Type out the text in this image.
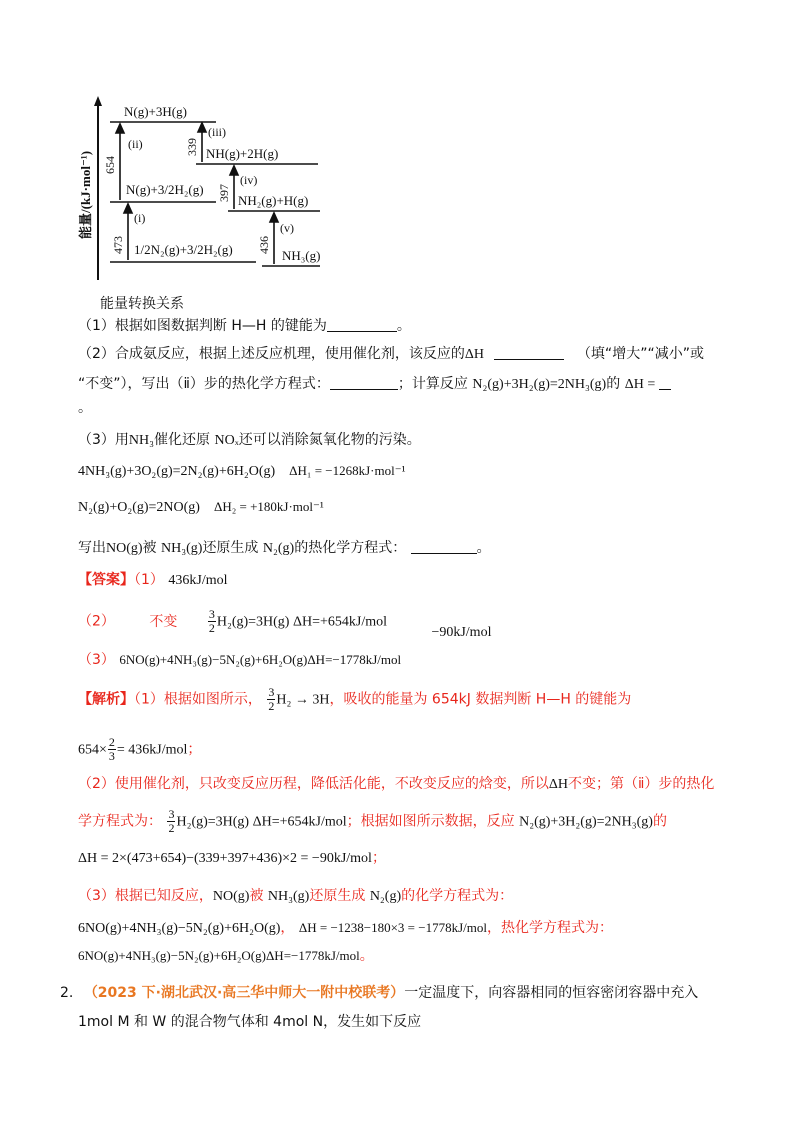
能量/(kJ·mol⁻¹)
N(g)+3H(g)
NH(g)+2H(g)
N(g)+3/2H₂(g)
NH₂(g)+H(g)
1/2N₂(g)+3/2H₂(g)	NH₃(g)
(i)
(ii)
(iii)
(iv)
(v)
473
654
339
397
436
能量转换关系
（1）根据如图数据判断 H—H 的键能为	。
（2）合成氨反应，根据上述反应机理，使用催化剂，该反应的ΔH	（填“增大”“减小”或
“不变”），写出（ⅱ）步的热化学方程式：	；计算反应 N₂(g)+3H₂(g)=2NH₃(g)的 ΔH =
。
（3）用NH₃催化还原 NOₓ还可以消除氮氧化物的污染。
4NH₃(g)+3O₂(g)=2N₂(g)+6H₂O(g) ΔH₁ = −1268kJ·mol⁻¹
N₂(g)+O₂(g)=2NO(g) ΔH₂ = +180kJ·mol⁻¹
写出NO(g)被 NH₃(g)还原生成 N₂(g)的热化学方程式：	。
【答案】（1） 436kJ/mol
（2） 不变	$\frac{3}{2} H_2(g)=3H(g)$ ΔH=+654kJ/mol −90kJ/mol
（3） 6NO(g)+4NH₃(g)−5N₂(g)+6H₂O(g)ΔH=−1778kJ/mol
【解析】（1）根据如图所示， $\frac{3}{2} H_2 \to 3H$，吸收的能量为 654kJ 数据判断 H—H 的键能为
$654\times \frac{2}{3} = 436kJ/mol$；
（2）使用催化剂，只改变反应历程，降低活化能，不改变反应的焓变，所以ΔH不变；第（ⅱ）步的热化
学方程式为： $\frac{3}{2} H_2(g)=3H(g)$ ΔH=+654kJ/mol；根据如图所示数据，反应 N₂(g)+3H₂(g)=2NH₃(g)的
ΔH = 2×(473+654)−(339+397+436)×2 = −90kJ/mol；
（3）根据已知反应，NO(g)被 NH₃(g)还原生成 N₂(g)的化学方程式为：
6NO(g)+4NH₃(g)−5N₂(g)+6H₂O(g)， ΔH = −1238−180×3 = −1778kJ/mol，热化学方程式为：
6NO(g)+4NH₃(g)−5N₂(g)+6H₂O(g)ΔH=−1778kJ/mol。
2. （2023 下·湖北武汉·高三华中师大一附中校联考）一定温度下，向容器相同的恒容密闭容器中充入
1mol M 和 W 的混合物气体和 4mol N，发生如下反应
